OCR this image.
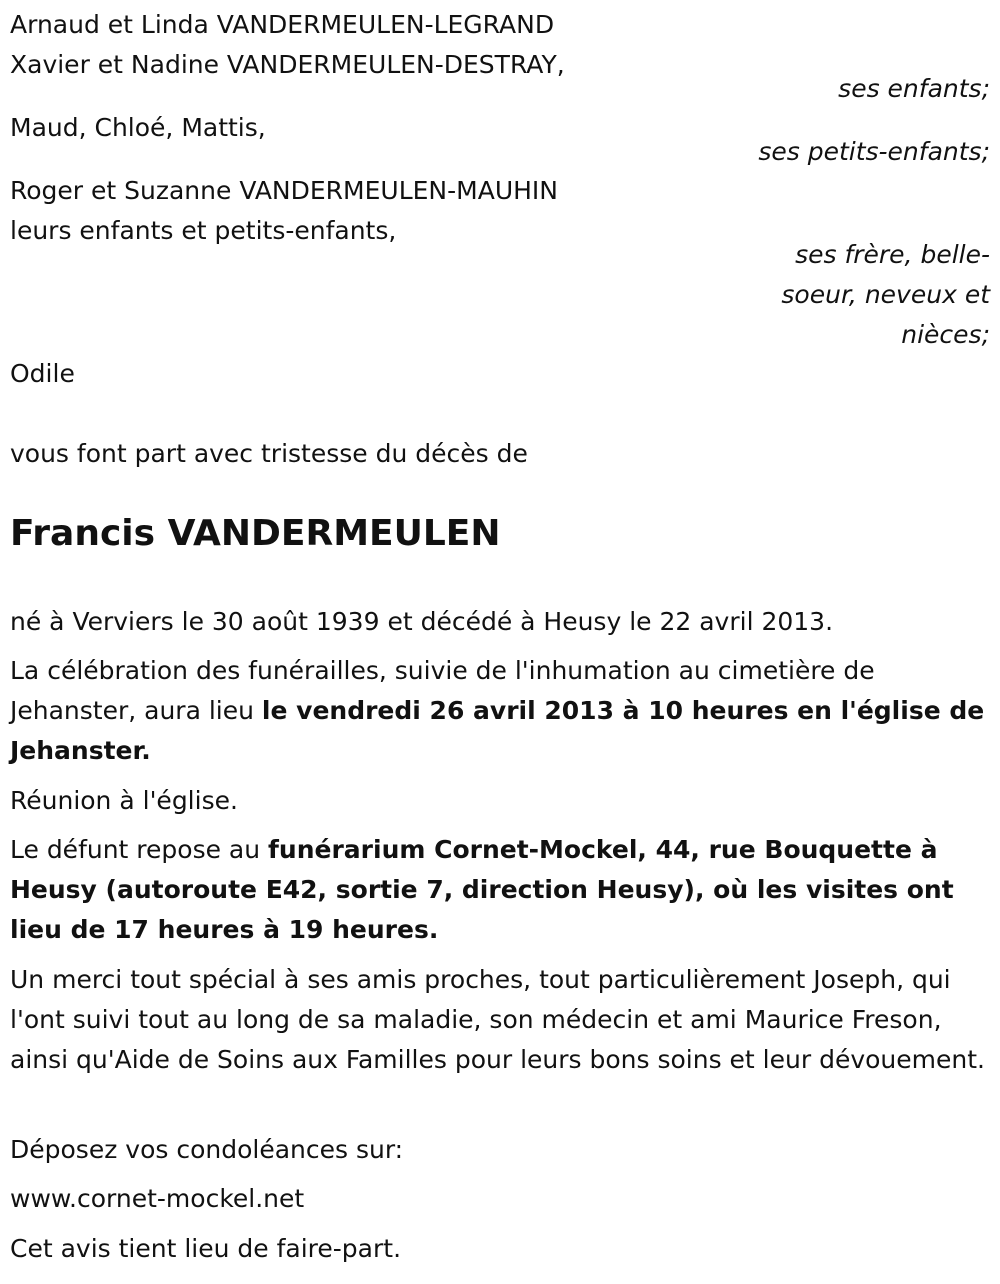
Arnaud et Linda VANDERMEULEN-LEGRAND
Xavier et Nadine VANDERMEULEN-DESTRAY,
ses enfants;
Maud, Chloé, Mattis,
ses petits-enfants;
Roger et Suzanne VANDERMEULEN-MAUHIN
leurs enfants et petits-enfants,
ses frère, belle-
soeur, neveux et
nièces;
Odile
vous font part avec tristesse du décès de
Francis VANDERMEULEN
né à Verviers le 30 août 1939 et décédé à Heusy le 22 avril 2013.
La célébration des funérailles, suivie de l'inhumation au cimetière de Jehanster, aura lieu le vendredi 26 avril 2013 à 10 heures en l'église de Jehanster.
Réunion à l'église.
Le défunt repose au funérarium Cornet-Mockel, 44, rue Bouquette à Heusy (autoroute E42, sortie 7, direction Heusy), où les visites ont lieu de 17 heures à 19 heures.
Un merci tout spécial à ses amis proches, tout particulièrement Joseph, qui l'ont suivi tout au long de sa maladie, son médecin et ami Maurice Freson, ainsi qu'Aide de Soins aux Familles pour leurs bons soins et leur dévouement.
Déposez vos condoléances sur:
www.cornet-mockel.net
Cet avis tient lieu de faire-part.
